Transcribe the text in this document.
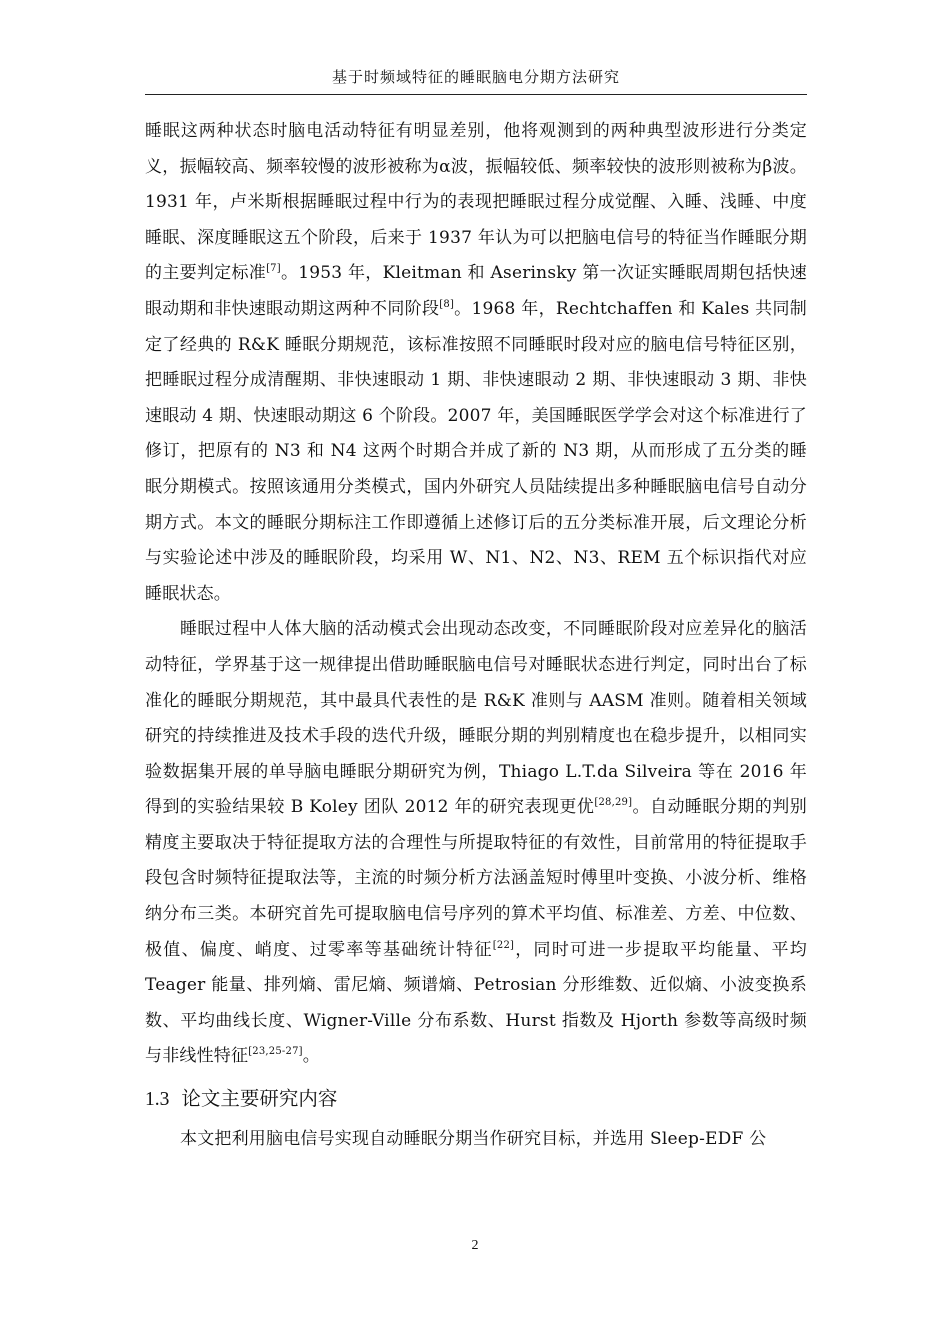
基于时频域特征的睡眠脑电分期方法研究

睡眠这两种状态时脑电活动特征有明显差别，他将观测到的两种典型波形进行分类定义，振幅较高、频率较慢的波形被称为α波，振幅较低、频率较快的波形则被称为β波。1931 年，卢米斯根据睡眠过程中行为的表现把睡眠过程分成觉醒、入睡、浅睡、中度睡眠、深度睡眠这五个阶段，后来于 1937 年认为可以把脑电信号的特征当作睡眠分期的主要判定标准[7]。1953 年，Kleitman 和 Aserinsky 第一次证实睡眠周期包括快速眼动期和非快速眼动期这两种不同阶段[8]。1968 年，Rechtchaffen 和 Kales 共同制定了经典的 R&K 睡眠分期规范，该标准按照不同睡眠时段对应的脑电信号特征区别，把睡眠过程分成清醒期、非快速眼动 1 期、非快速眼动 2 期、非快速眼动 3 期、非快速眼动 4 期、快速眼动期这 6 个阶段。2007 年，美国睡眠医学学会对这个标准进行了修订，把原有的 N3 和 N4 这两个时期合并成了新的 N3 期，从而形成了五分类的睡眠分期模式。按照该通用分类模式，国内外研究人员陆续提出多种睡眠脑电信号自动分期方式。本文的睡眠分期标注工作即遵循上述修订后的五分类标准开展，后文理论分析与实验论述中涉及的睡眠阶段，均采用 W、N1、N2、N3、REM 五个标识指代对应睡眠状态。

睡眠过程中人体大脑的活动模式会出现动态改变，不同睡眠阶段对应差异化的脑活动特征，学界基于这一规律提出借助睡眠脑电信号对睡眠状态进行判定，同时出台了标准化的睡眠分期规范，其中最具代表性的是 R&K 准则与 AASM 准则。随着相关领域研究的持续推进及技术手段的迭代升级，睡眠分期的判别精度也在稳步提升，以相同实验数据集开展的单导脑电睡眠分期研究为例，Thiago L.T.da Silveira 等在 2016 年得到的实验结果较 B Koley 团队 2012 年的研究表现更优[28,29]。自动睡眠分期的判别精度主要取决于特征提取方法的合理性与所提取特征的有效性，目前常用的特征提取手段包含时频特征提取法等，主流的时频分析方法涵盖短时傅里叶变换、小波分析、维格纳分布三类。本研究首先可提取脑电信号序列的算术平均值、标准差、方差、中位数、极值、偏度、峭度、过零率等基础统计特征[22]，同时可进一步提取平均能量、平均 Teager 能量、排列熵、雷尼熵、频谱熵、Petrosian 分形维数、近似熵、小波变换系数、平均曲线长度、Wigner-Ville 分布系数、Hurst 指数及 Hjorth 参数等高级时频与非线性特征[23,25-27]。

1.3 论文主要研究内容

本文把利用脑电信号实现自动睡眠分期当作研究目标，并选用 Sleep-EDF 公

2
